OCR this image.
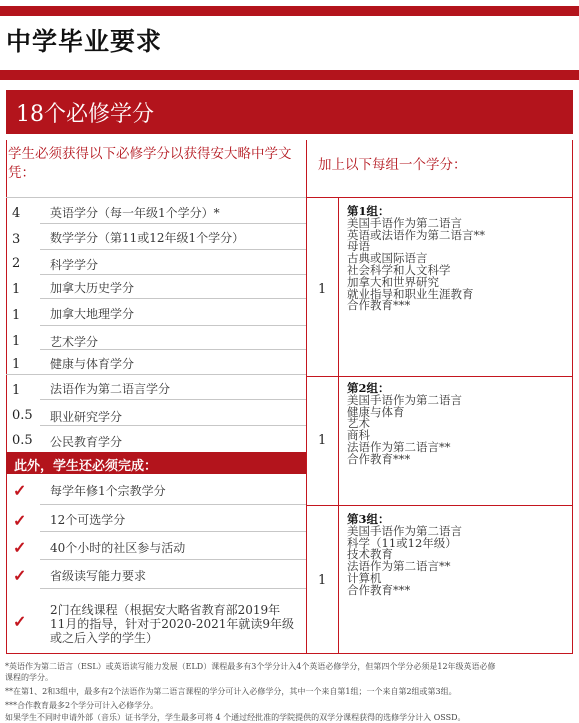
中学毕业要求
18个必修学分
学生必须获得以下必修学分以获得安大略中学文凭：	加上以下每组一个学分：
4 英语学分（每一年级1个学分）*
3 数学学分（第11或12年级1个学分）
2 科学学分
1 加拿大历史学分
1 加拿大地理学分
1 艺术学分
1 健康与体育学分
1 法语作为第二语言学分
0.5 职业研究学分
0.5 公民教育学分
此外，学生还必须完成：
✓ 每学年修1个宗教学分
✓ 12个可选学分
✓ 40个小时的社区参与活动
✓ 省级读写能力要求
✓
2门在线课程（根据安大略省教育部2019年
11月的指导，针对于2020-2021年就读9年级
或之后入学的学生）
1
第1组：
美国手语作为第二语言
英语或法语作为第二语言**
母语
古典或国际语言
社会科学和人文科学
加拿大和世界研究
就业指导和职业生涯教育
合作教育***
1
第2组：
美国手语作为第二语言
健康与体育
艺术
商科
法语作为第二语言**
合作教育***
1
第3组：
美国手语作为第二语言
科学（11或12年级）
技术教育
法语作为第二语言**
计算机
合作教育***
*英语作为第二语言（ESL）或英语读写能力发展（ELD）课程最多有3个学分计入4个英语必修学分，但第四个学分必须是12年级英语必修
课程的学分。
**在第1、2和3组中，最多有2个法语作为第二语言课程的学分可计入必修学分，其中一个来自第1组；一个来自第2组或第3组。
***合作教育最多2个学分可计入必修学分。
如果学生不同时申请外部（音乐）证书学分，学生最多可将 4 个通过经批准的学院提供的双学分课程获得的选修学分计入 OSSD。
